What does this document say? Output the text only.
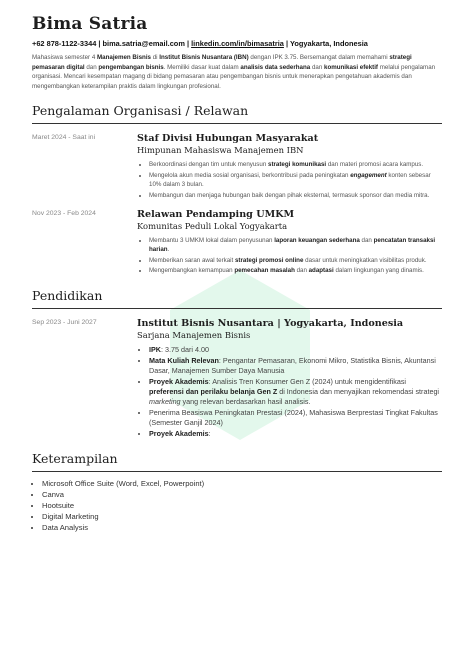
Bima Satria
+62 878-1122-3344 | bima.satria@email.com | linkedin.com/in/bimasatria | Yogyakarta, Indonesia
Mahasiswa semester 4 Manajemen Bisnis di Institut Bisnis Nusantara (IBN) dengan IPK 3.75. Bersemangat dalam memahami strategi pemasaran digital dan pengembangan bisnis. Memiliki dasar kuat dalam analisis data sederhana dan komunikasi efektif melalui pengalaman organisasi. Mencari kesempatan magang di bidang pemasaran atau pengembangan bisnis untuk menerapkan pengetahuan akademis dan mengembangkan keterampilan praktis dalam lingkungan profesional.
Pengalaman Organisasi / Relawan
Maret 2024 - Saat ini	Staf Divisi Hubungan Masyarakat
Himpunan Mahasiswa Manajemen IBN
• Berkoordinasi dengan tim untuk menyusun strategi komunikasi dan materi promosi acara kampus.
• Mengelola akun media sosial organisasi, berkontribusi pada peningkatan engagement konten sebesar 10% dalam 3 bulan.
• Membangun dan menjaga hubungan baik dengan pihak eksternal, termasuk sponsor dan media mitra.
Nov 2023 - Feb 2024	Relawan Pendamping UMKM
Komunitas Peduli Lokal Yogyakarta
• Membantu 3 UMKM lokal dalam penyusunan laporan keuangan sederhana dan pencatatan transaksi harian.
• Memberikan saran awal terkait strategi promosi online dasar untuk meningkatkan visibilitas produk.
• Mengembangkan kemampuan pemecahan masalah dan adaptasi dalam lingkungan yang dinamis.
Pendidikan
Sep 2023 - Juni 2027	Institut Bisnis Nusantara | Yogyakarta, Indonesia
Sarjana Manajemen Bisnis
• IPK: 3.75 dari 4.00
• Mata Kuliah Relevan: Pengantar Pemasaran, Ekonomi Mikro, Statistika Bisnis, Akuntansi Dasar, Manajemen Sumber Daya Manusia
• Proyek Akademis: Analisis Tren Konsumer Gen Z (2024) untuk mengidentifikasi preferensi dan perilaku belanja Gen Z di Indonesia dan menyajikan rekomendasi strategi marketing yang relevan berdasarkan hasil analisis.
• Penerima Beasiswa Peningkatan Prestasi (2024), Mahasiswa Berprestasi Tingkat Fakultas (Semester Ganjil 2024)
• Proyek Akademis:
Keterampilan
• Microsoft Office Suite (Word, Excel, Powerpoint)
• Canva
• Hootsuite
• Digital Marketing
• Data Analysis
